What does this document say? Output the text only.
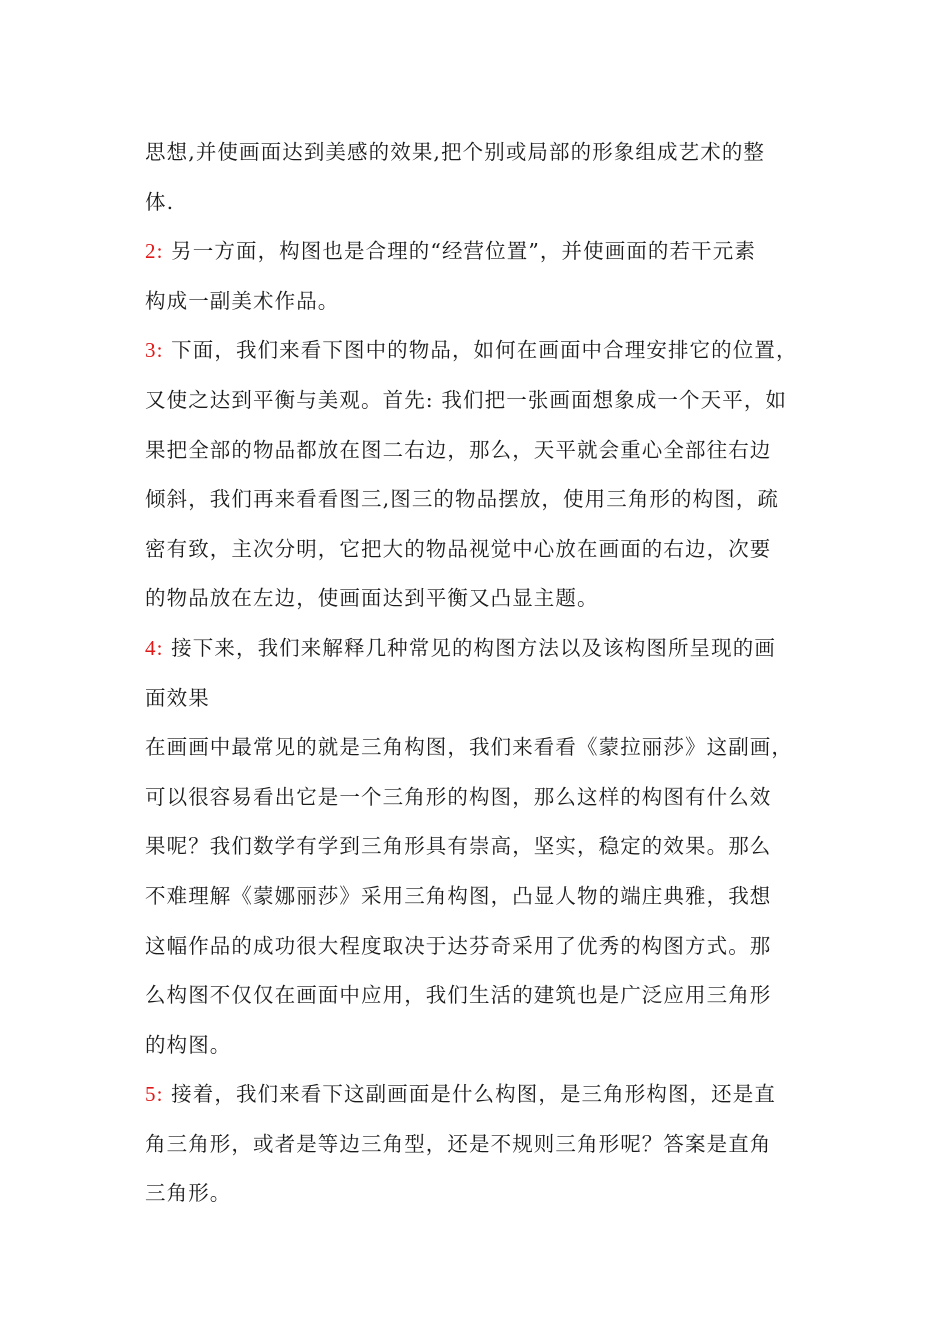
思想,并使画面达到美感的效果,把个别或局部的形象组成艺术的整
体.
2: 另一方面，构图也是合理的“经营位置”，并使画面的若干元素
构成一副美术作品。
3: 下面，我们来看下图中的物品，如何在画面中合理安排它的位置，
又使之达到平衡与美观。首先: 我们把一张画面想象成一个天平，如
果把全部的物品都放在图二右边，那么，天平就会重心全部往右边
倾斜，我们再来看看图三,图三的物品摆放，使用三角形的构图，疏
密有致，主次分明，它把大的物品视觉中心放在画面的右边，次要
的物品放在左边，使画面达到平衡又凸显主题。
4: 接下来，我们来解释几种常见的构图方法以及该构图所呈现的画
面效果
在画画中最常见的就是三角构图，我们来看看《蒙拉丽莎》这副画，
可以很容易看出它是一个三角形的构图，那么这样的构图有什么效
果呢？我们数学有学到三角形具有崇高，坚实，稳定的效果。那么
不难理解《蒙娜丽莎》采用三角构图，凸显人物的端庄典雅，我想
这幅作品的成功很大程度取决于达芬奇采用了优秀的构图方式。那
么构图不仅仅在画面中应用，我们生活的建筑也是广泛应用三角形
的构图。
5: 接着，我们来看下这副画面是什么构图，是三角形构图，还是直
角三角形，或者是等边三角型，还是不规则三角形呢？答案是直角
三角形。
